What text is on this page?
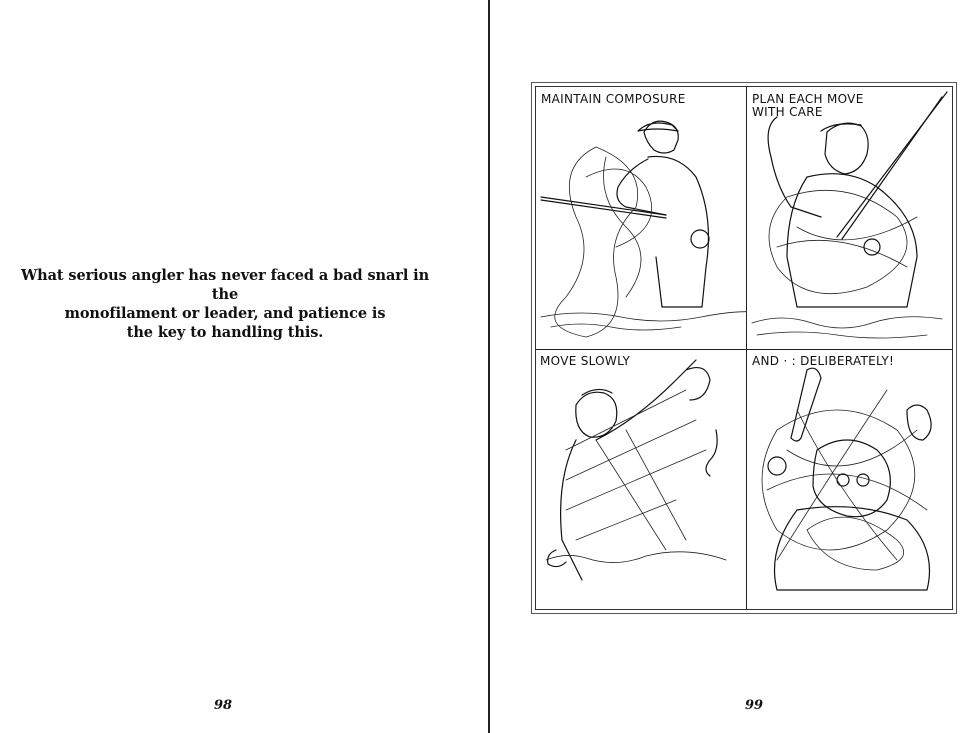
What serious angler has never faced a bad snarl in the
monofilament or leader, and patience is
the key to handling this.
98
MAINTAIN COMPOSURE	PLAN EACH MOVE
WITH CARE
MOVE SLOWLY	AND · : DELIBERATELY!
99
